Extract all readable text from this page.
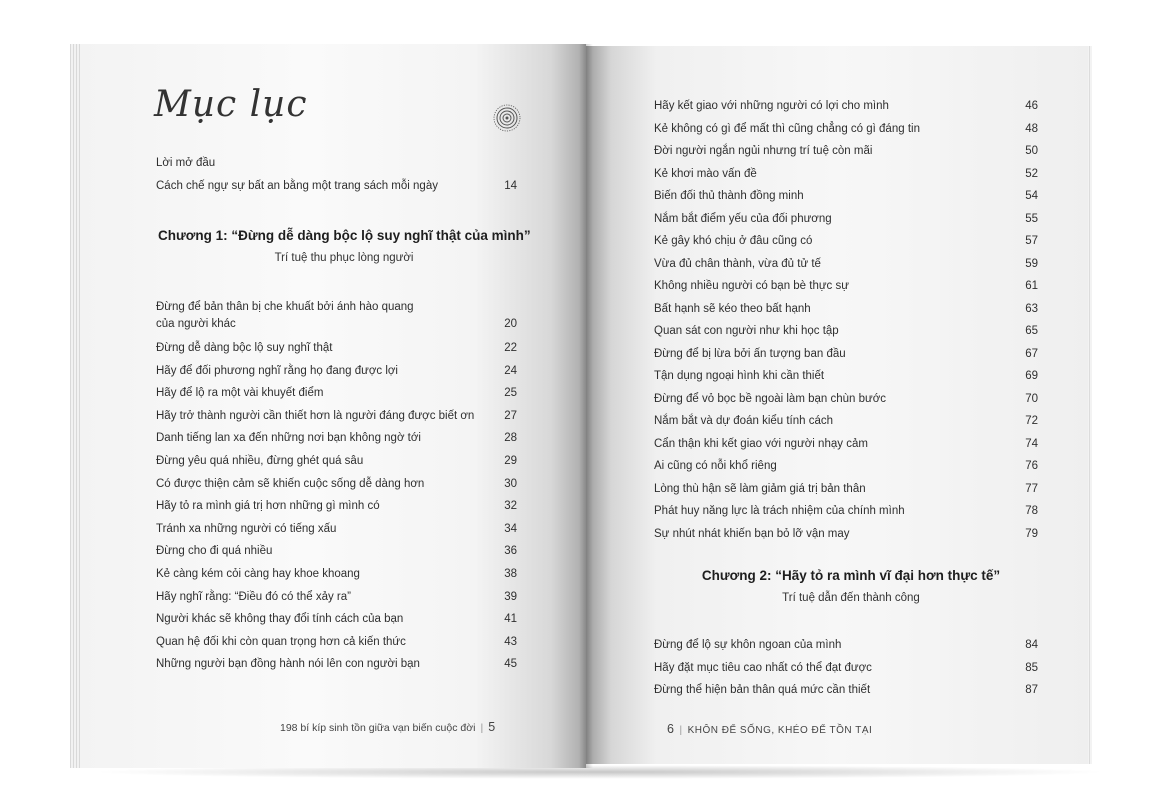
Mục lục
Lời mở đầu
Cách chế ngự sự bất an bằng một trang sách mỗi ngày	14
Chương 1: “Đừng dễ dàng bộc lộ suy nghĩ thật của mình”
Trí tuệ thu phục lòng người
Đừng để bản thân bị che khuất bởi ánh hào quang
của người khác	20
Đừng dễ dàng bộc lộ suy nghĩ thật	22
Hãy để đối phương nghĩ rằng họ đang được lợi	24
Hãy để lộ ra một vài khuyết điểm	25
Hãy trở thành người cần thiết hơn là người đáng được biết ơn	27
Danh tiếng lan xa đến những nơi bạn không ngờ tới	28
Đừng yêu quá nhiều, đừng ghét quá sâu	29
Có được thiện cảm sẽ khiến cuộc sống dễ dàng hơn	30
Hãy tỏ ra mình giá trị hơn những gì mình có	32
Tránh xa những người có tiếng xấu	34
Đừng cho đi quá nhiều	36
Kẻ càng kém cỏi càng hay khoe khoang	38
Hãy nghĩ rằng: “Điều đó có thể xảy ra”	39
Người khác sẽ không thay đổi tính cách của bạn	41
Quan hệ đối khi còn quan trọng hơn cả kiến thức	43
Những người bạn đồng hành nói lên con người bạn	45
198 bí kíp sinh tồn giữa vạn biến cuộc đời | 5
Hãy kết giao với những người có lợi cho mình	46
Kẻ không có gì để mất thì cũng chẳng có gì đáng tin	48
Đời người ngắn ngủi nhưng trí tuệ còn mãi	50
Kẻ khơi mào vấn đề	52
Biến đối thủ thành đồng minh	54
Nắm bắt điểm yếu của đối phương	55
Kẻ gây khó chịu ở đâu cũng có	57
Vừa đủ chân thành, vừa đủ tử tế	59
Không nhiều người có bạn bè thực sự	61
Bất hạnh sẽ kéo theo bất hạnh	63
Quan sát con người như khi học tập	65
Đừng để bị lừa bởi ấn tượng ban đầu	67
Tận dụng ngoại hình khi cần thiết	69
Đừng để vỏ bọc bề ngoài làm bạn chùn bước	70
Nắm bắt và dự đoán kiểu tính cách	72
Cẩn thận khi kết giao với người nhạy cảm	74
Ai cũng có nỗi khổ riêng	76
Lòng thù hận sẽ làm giảm giá trị bản thân	77
Phát huy năng lực là trách nhiệm của chính mình	78
Sự nhút nhát khiến bạn bỏ lỡ vận may	79
Chương 2: “Hãy tỏ ra mình vĩ đại hơn thực tế”
Trí tuệ dẫn đến thành công
Đừng để lộ sự khôn ngoan của mình	84
Hãy đặt mục tiêu cao nhất có thể đạt được	85
Đừng thể hiện bản thân quá mức cần thiết	87
6 | KHÔN ĐỂ SỐNG, KHÉO ĐỂ TỒN TẠI
